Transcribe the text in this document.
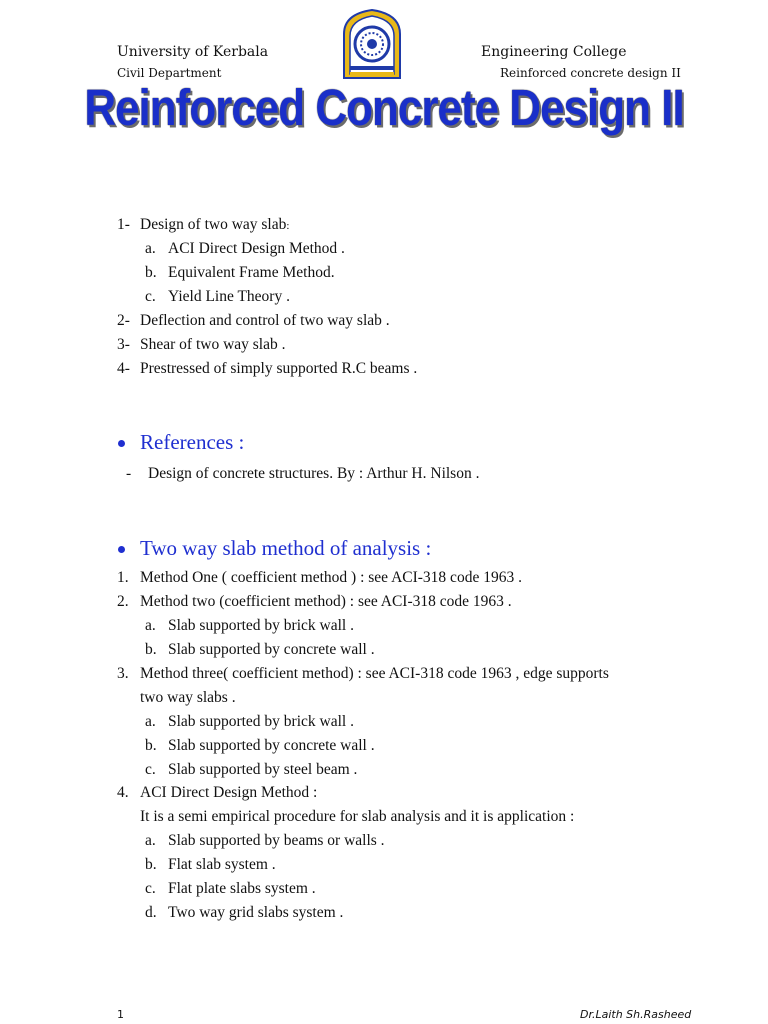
University of Kerbala
Civil Department
Engineering College
Reinforced concrete design II
Reinforced Concrete Design II
1- Design of two way slab:
a. ACI Direct Design Method .
b. Equivalent Frame Method.
c. Yield Line Theory .
2- Deflection and control of two way slab .
3- Shear of two way slab .
4- Prestressed of simply supported R.C beams .
References :
- Design of concrete structures. By : Arthur H. Nilson .
Two way slab method of analysis :
1. Method One ( coefficient method ) : see ACI-318 code 1963 .
2. Method two (coefficient method) : see ACI-318 code 1963 .
a. Slab supported by brick wall .
b. Slab supported by concrete wall .
3. Method three( coefficient method) : see ACI-318 code 1963 , edge supports
two way slabs .
a. Slab supported by brick wall .
b. Slab supported by concrete wall .
c. Slab supported by steel beam .
4. ACI Direct Design Method :
It is a semi empirical procedure for slab analysis and it is application :
a. Slab supported by beams or walls .
b. Flat slab system .
c. Flat plate slabs system .
d. Two way grid slabs system .
1	Dr.Laith Sh.Rasheed
